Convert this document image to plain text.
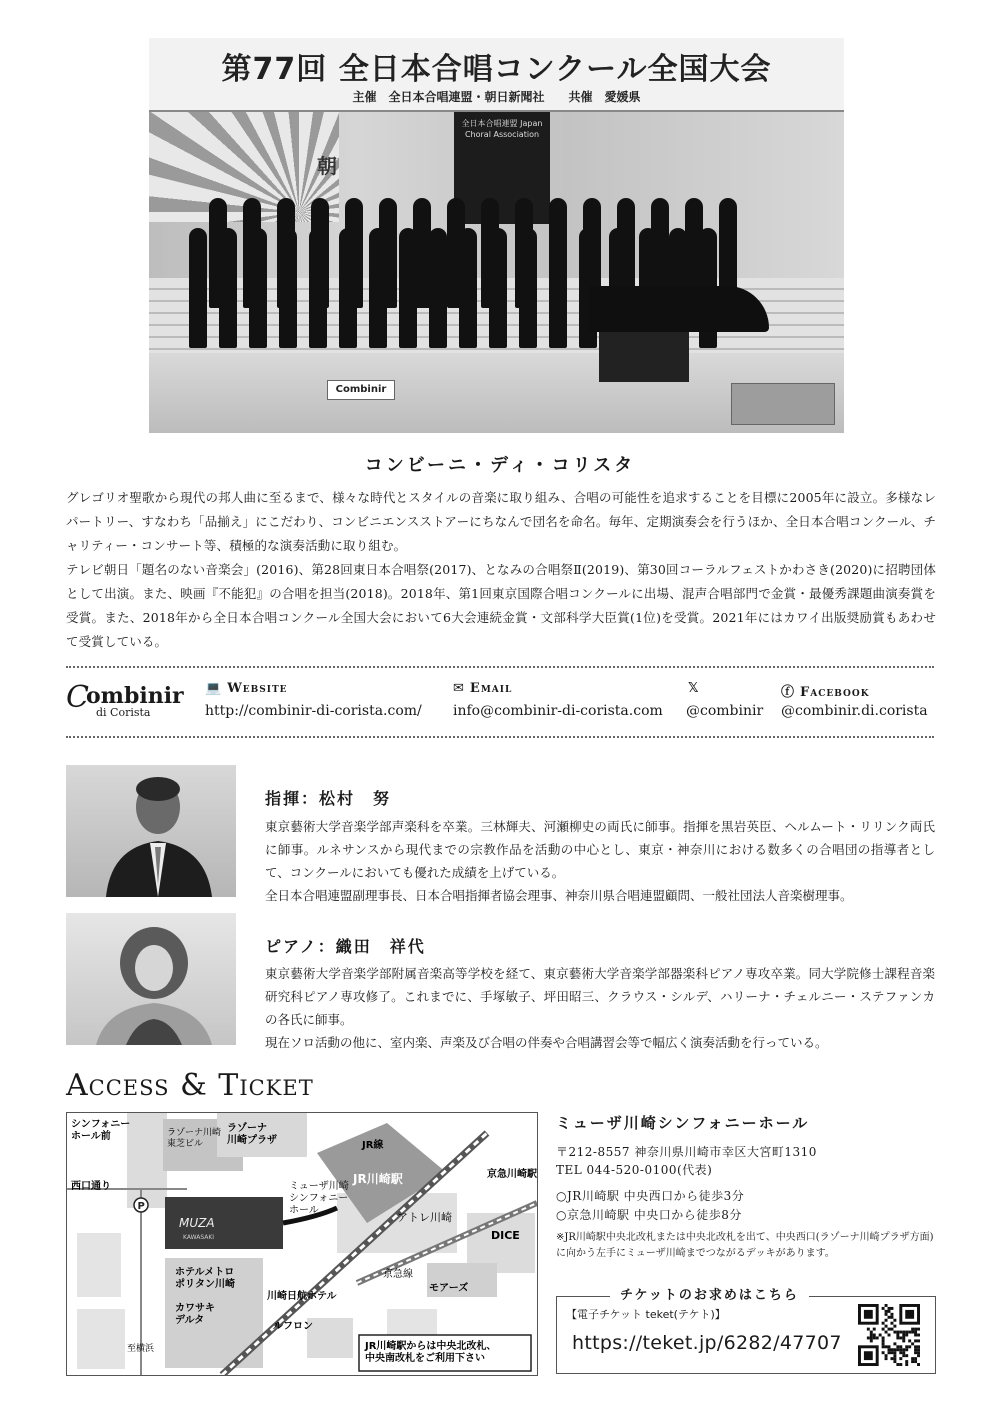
朝
全日本合唱連盟 Japan Choral Association
第77回 全日本合唱コンクール全国大会
主催　全日本合唱連盟・朝日新聞社　　共催　愛媛県
Combinir
コンビーニ・ディ・コリスタ

グレゴリオ聖歌から現代の邦人曲に至るまで、様々な時代とスタイルの音楽に取り組み、合唱の可能性を追求することを目標に2005年に設立。多様なレパートリー、すなわち「品揃え」にこだわり、コンビニエンスストアーにちなんで団名を命名。毎年、定期演奏会を行うほか、全日本合唱コンクール、チャリティー・コンサート等、積極的な演奏活動に取り組む。

テレビ朝日「題名のない音楽会」(2016)、第28回東日本合唱祭(2017)、となみの合唱祭Ⅱ(2019)、第30回コーラルフェストかわさき(2020)に招聘団体として出演。また、映画『不能犯』の合唱を担当(2018)。2018年、第1回東京国際合唱コンクールに出場、混声合唱部門で金賞・最優秀課題曲演奏賞を受賞。また、2018年から全日本合唱コンクール全国大会において6大会連続金賞・文部科学大臣賞(1位)を受賞。2021年にはカワイ出版奨励賞もあわせて受賞している。

C
ombinir
di Corista
💻 Website
http://combinir-di-corista.com/
✉ Email
info@combinir-di-corista.com
𝕏
@combinir
ⓕ Facebook
@combinir.di.corista
指揮：松村　努

東京藝術大学音楽学部声楽科を卒業。三林輝夫、河瀬柳史の両氏に師事。指揮を黒岩英臣、ヘルムート・リリンク両氏に師事。ルネサンスから現代までの宗教作品を活動の中心とし、東京・神奈川における数多くの合唱団の指導者として、コンクールにおいても優れた成績を上げている。

全日本合唱連盟副理事長、日本合唱指揮者協会理事、神奈川県合唱連盟顧問、一般社団法人音楽樹理事。

ピアノ：織田　祥代

東京藝術大学音楽学部附属音楽高等学校を経て、東京藝術大学音楽学部器楽科ピアノ専攻卒業。同大学院修士課程音楽研究科ピアノ専攻修了。これまでに、手塚敏子、坪田昭三、クラウス・シルデ、ハリーナ・チェルニー・ステファンカの各氏に師事。

現在ソロ活動の他に、室内楽、声楽及び合唱の伴奏や合唱講習会等で幅広く演奏活動を行っている。

Access & Ticket
P
MUZA
KAWASAKI
シンフォニーホール前
西口通り
ラゾーナ川崎東芝ビル
ラゾーナ川崎プラザ	JR線
ミューザ川崎シンフォニーホール
JR川崎駅
アトレ川崎
京急川崎駅
DICE
ホテルメトロポリタン川崎
カワサキデルタ
川崎日航ホテル
京急線
モアーズ
ルフロン
至横浜	JR川崎駅からは中央北改札、中央南改札をご利用下さい
ミューザ川崎シンフォニーホール
〒212-8557 神奈川県川崎市幸区大宮町1310
TEL 044-520-0100(代表)
○JR川崎駅 中央西口から徒歩3分
○京急川崎駅 中央口から徒歩8分
※JR川崎駅中央北改札または中央北改札を出て、中央西口(ラゾーナ川崎プラザ方面)に向かう左手にミューザ川崎までつながるデッキがあります。
チケットのお求めはこちら
【電子チケット teket(テケト)】
https://teket.jp/6282/47707
